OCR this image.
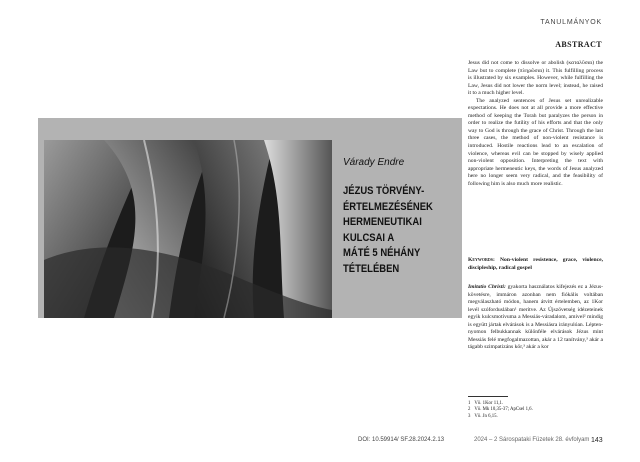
TANULMÁNYOK
Várady Endre
JÉZUS TÖRVÉNY-
ÉRTELMEZÉSÉNEK
HERMENEUTIKAI
KULCSAI A
MÁTÉ 5 NÉHÁNY
TÉTELÉBEN
ABSTRACT

Jesus did not come to dissolve or abolish (καταλῦσαι) the Law but to complete (πληρῶσαι) it. This fulfilling process is illustrated by six examples. However, while fulfilling the Law, Jesus did not lower the norm level; instead, he raised it to a much higher level.

The analyzed sentences of Jesus set unrealizable expectations. He does not at all provide a more effective method of keeping the Torah but paralyzes the person in order to realize the futility of his efforts and that the only way to God is through the grace of Christ. Through the last three cases, the method of non-violent resistance is introduced. Hostile reactions lead to an escalation of violence, whereas evil can be stopped by wisely applied non-violent opposition. Interpreting the text with appropriate hermeneutic keys, the words of Jesus analyzed here no longer seem very radical, and the feasibility of following him is also much more realistic.

Keywords: Non-violent resistence, grace, violence, discipleship, radical gospel

Imitatio Christi: gyakorta használatos kifejezés ez a Jézus-követésre, immáron azonban nem fiókális voltában megválaszható módon, hanem átvitt értelemben, az 1Kor levél szóforduslában¹ merítve. Az Újszövetség idézeteinek egyik kulcsmotívuma a Messiás-váradalom, amivel² mindig is együtt jártak elvárások is a Messiásra irányulóan. Lépten-nyomon felbukkannak különféle elvárások Jézus mint Messiás felé megfogalmazottan, akár a 12 tanítvány,³ akár a tágabb szimpatizáns kör,³ akár a kor

1 Vö. 1Kor 11,1.
2 Vö. Mk 10,35-37; ApCsel 1,6.
3 Vö. Jn 6,15.
DOI: 10.59914/ SF.28.2024.2.13	2024 – 2 Sárospataki Füzetek 28. évfolyam 143
